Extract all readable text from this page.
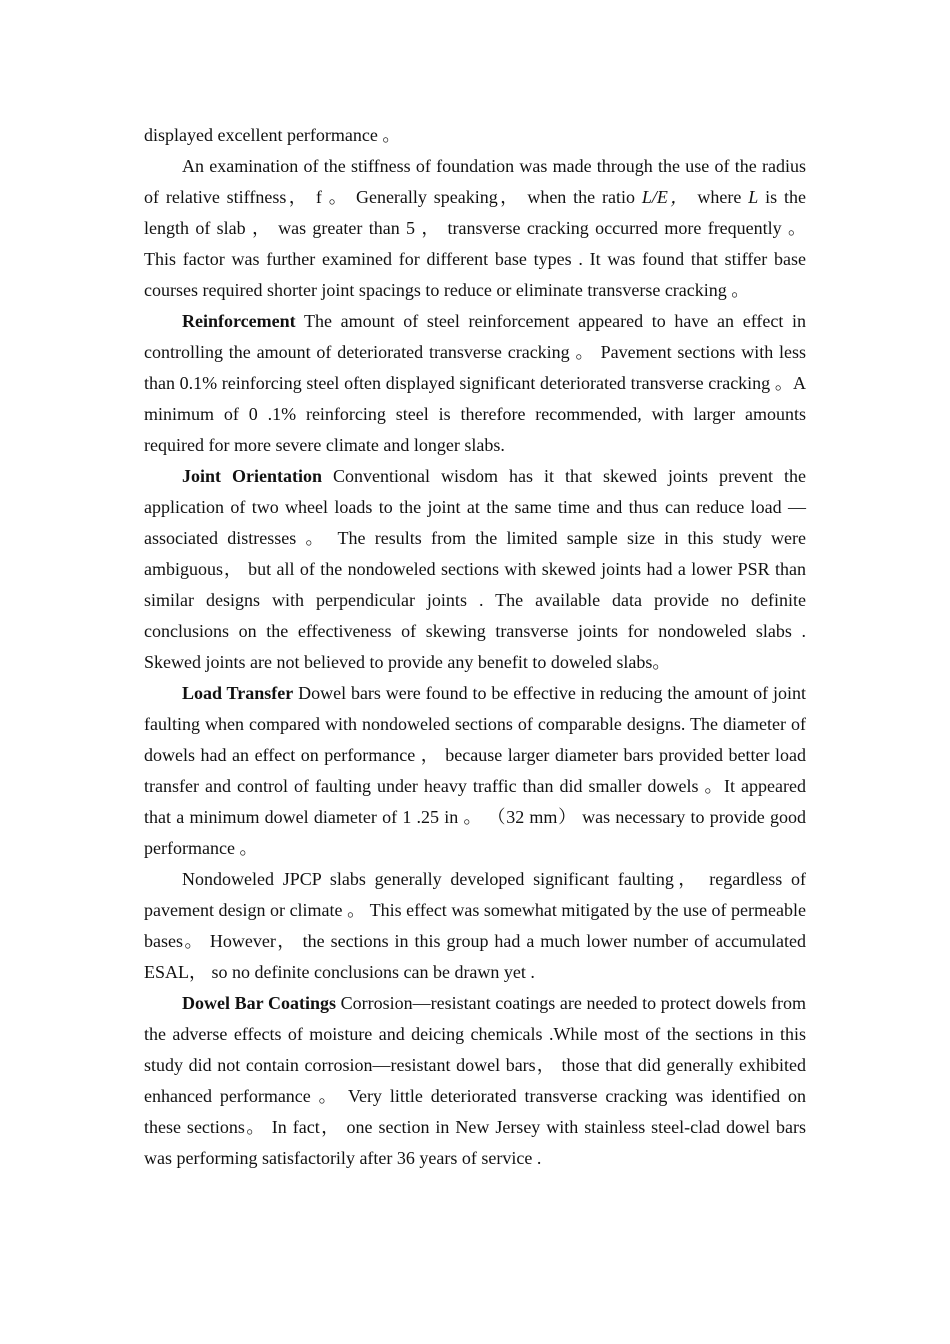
displayed excellent performance 。

An examination of the stiffness of foundation was made through the use of the radius of relative stiffness， f 。 Generally speaking， when the ratio L/E， where L is the length of slab ， was greater than 5 ， transverse cracking occurred more frequently 。 This factor was further examined for different base types . It was found that stiffer base courses required shorter joint spacings to reduce or eliminate transverse cracking 。

Reinforcement The amount of steel reinforcement appeared to have an effect in controlling the amount of deteriorated transverse cracking 。 Pavement sections with less than 0.1% reinforcing steel often displayed significant deteriorated transverse cracking 。A minimum of 0 .1% reinforcing steel is therefore recommended, with larger amounts required for more severe climate and longer slabs.

Joint Orientation Conventional wisdom has it that skewed joints prevent the application of two wheel loads to the joint at the same time and thus can reduce load —associated distresses 。 The results from the limited sample size in this study were ambiguous， but all of the nondoweled sections with skewed joints had a lower PSR than similar designs with perpendicular joints . The available data provide no definite conclusions on the effectiveness of skewing transverse joints for nondoweled slabs . Skewed joints are not believed to provide any benefit to doweled slabs。

Load Transfer Dowel bars were found to be effective in reducing the amount of joint faulting when compared with nondoweled sections of comparable designs. The diameter of dowels had an effect on performance ， because larger diameter bars provided better load transfer and control of faulting under heavy traffic than did smaller dowels 。It appeared that a minimum dowel diameter of 1 .25 in 。 （32 mm） was necessary to provide good performance 。

Nondoweled JPCP slabs generally developed significant faulting， regardless of pavement design or climate 。 This effect was somewhat mitigated by the use of permeable bases。 However， the sections in this group had a much lower number of accumulated ESAL， so no definite conclusions can be drawn yet .

Dowel Bar Coatings Corrosion—resistant coatings are needed to protect dowels from the adverse effects of moisture and deicing chemicals .While most of the sections in this study did not contain corrosion—resistant dowel bars， those that did generally exhibited enhanced performance 。 Very little deteriorated transverse cracking was identified on these sections。 In fact， one section in New Jersey with stainless steel-clad dowel bars was performing satisfactorily after 36 years of service .
